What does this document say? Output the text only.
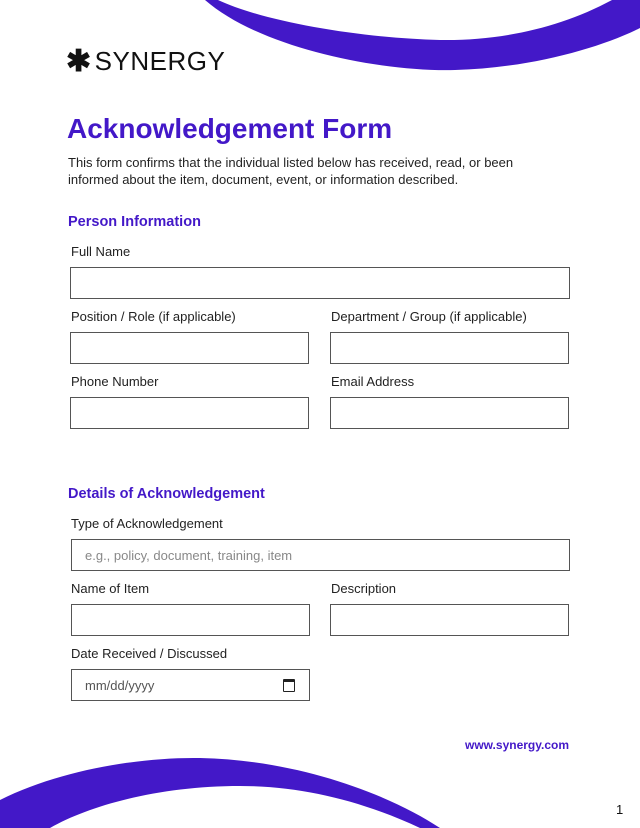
✱ SYNERGY
Acknowledgement Form
This form confirms that the individual listed below has received, read, or been informed about the item, document, event, or information described.
Person Information
Full Name
Position / Role (if applicable)	Department / Group (if applicable)
Phone Number	Email Address
Details of Acknowledgement
Type of Acknowledgement
e.g., policy, document, training, item
Name of Item	Description
Date Received / Discussed
mm/dd/yyyy
www.synergy.com
1
